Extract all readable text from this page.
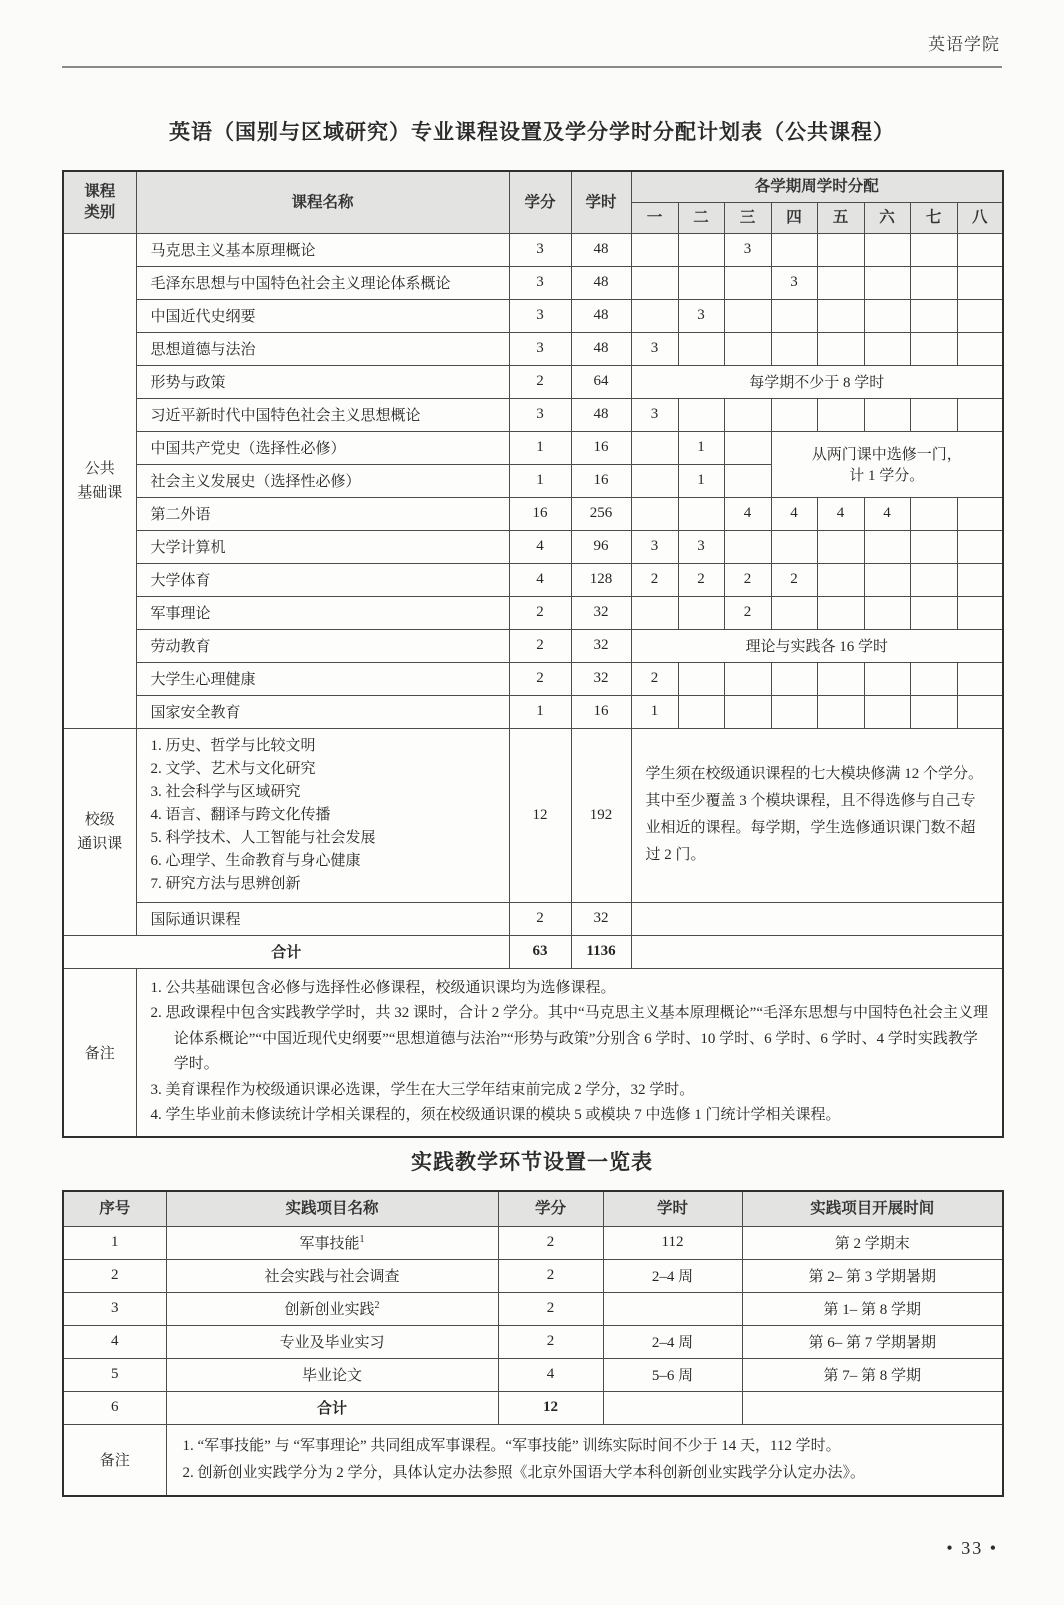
英语学院
英语（国别与区域研究）专业课程设置及学分学时分配计划表（公共课程）
课程
类别	课程名称	学分	学时	各学期周学时分配							
				一	二	三	四	五	六	七	八

公共
基础课	马克思主义基本原理概论	3	48			3					
	毛泽东思想与中国特色社会主义理论体系概论	3	48				3				
	中国近代史纲要	3	48		3						
	思想道德与法治	3	48	3							
	形势与政策	2	64	每学期不少于 8 学时							
	习近平新时代中国特色社会主义思想概论	3	48	3							
	中国共产党史（选择性必修）	1	16		1		从两门课中选修一门，
计 1 学分。				

	社会主义发展史（选择性必修）	1	16		1						
	第二外语	16	256			4	4	4	4		
	大学计算机	4	96	3	3						
	大学体育	4	128	2	2	2	2				
	军事理论	2	32			2					
	劳动教育	2	32	理论与实践各 16 学时							
	大学生心理健康	2	32	2							
	国家安全教育	1	16	1							

校级
通识课

1. 历史、哲学与比较文明
2. 文学、艺术与文化研究
3. 社会科学与区域研究
4. 语言、翻译与跨文化传播
5. 科学技术、人工智能与社会发展
6. 心理学、生命教育与身心健康
7. 研究方法与思辨创新
	12	192	学生须在校级通识课程的七大模块修满 12 个学分。其中至少覆盖 3 个模块课程，且不得选修与自己专业相近的课程。每学期，学生选修通识课门数不超过 2 门。
	国际通识课程	2	32								
合计		63	1136								
备注	1. 公共基础课包含必修与选择性必修课程，校级通识课均为选修课程。
2. 思政课程中包含实践教学学时，共 32 课时，合计 2 学分。其中“马克思主义基本原理概论”“毛泽东思想与中国特色社会主义理论体系概论”“中国近现代史纲要”“思想道德与法治”“形势与政策”分别含 6 学时、10 学时、6 学时、6 学时、4 学时实践教学学时。
3. 美育课程作为校级通识课必选课，学生在大三学年结束前完成 2 学分，32 学时。
4. 学生毕业前未修读统计学相关课程的，须在校级通识课的模块 5 或模块 7 中选修 1 门统计学相关课程。										
实践教学环节设置一览表
序号	实践项目名称	学分	学时	实践项目开展时间
1	军事技能$^1$	2	112	第 2 学期末
2	社会实践与社会调查	2	2–4 周	第 2– 第 3 学期暑期
3	创新创业实践$^2$	2		第 1– 第 8 学期
4	专业及毕业实习	2	2–4 周	第 6– 第 7 学期暑期
5	毕业论文	4	5–6 周	第 7– 第 8 学期
6	合计	12		
备注	1. “军事技能” 与 “军事理论” 共同组成军事课程。“军事技能” 训练实际时间不少于 14 天，112 学时。
2. 创新创业实践学分为 2 学分，具体认定办法参照《北京外国语大学本科创新创业实践学分认定办法》。			
• 33 •
